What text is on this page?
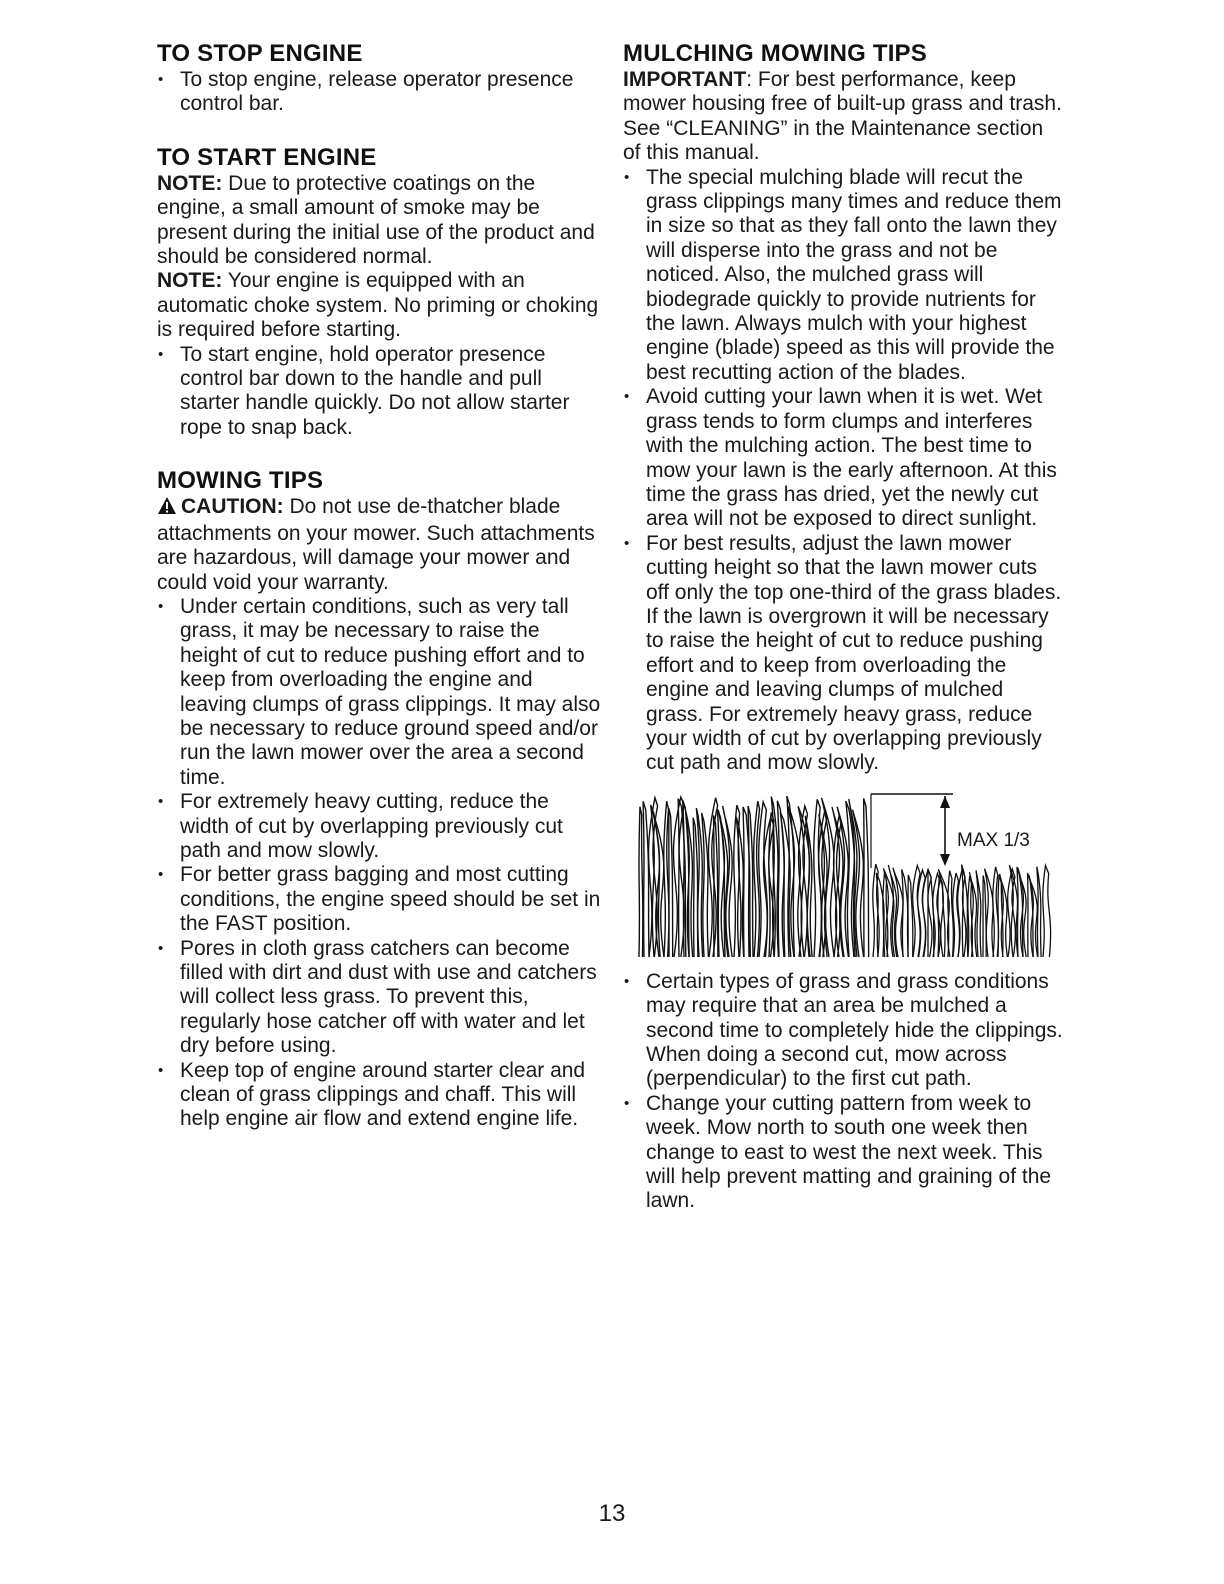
TO STOP ENGINE
• To stop engine, release operator presence control bar.
TO START ENGINE

NOTE: Due to protective coatings on the engine, a small amount of smoke may be present during the initial use of the product and should be considered normal.

NOTE: Your engine is equipped with an automatic choke system. No priming or choking is required before starting.

• To start engine, hold operator presence control bar down to the handle and pull starter handle quickly. Do not allow starter rope to snap back.
MOWING TIPS

CAUTION: Do not use de-thatcher blade attachments on your mower. Such attachments are hazardous, will damage your mower and could void your warranty.

• Under certain conditions, such as very tall grass, it may be necessary to raise the height of cut to reduce pushing effort and to keep from overloading the engine and leaving clumps of grass clippings. It may also be necessary to reduce ground speed and/or run the lawn mower over the area a second time.
• For extremely heavy cutting, reduce the width of cut by overlapping previously cut path and mow slowly.
• For better grass bagging and most cutting conditions, the engine speed should be set in the FAST position.
• Pores in cloth grass catchers can become filled with dirt and dust with use and catchers will collect less grass. To prevent this, regularly hose catcher off with water and let dry before using.
• Keep top of engine around starter clear and clean of grass clippings and chaff. This will help engine air flow and extend engine life.
MULCHING MOWING TIPS

IMPORTANT: For best performance, keep mower housing free of built-up grass and trash. See “CLEANING” in the Maintenance section of this manual.

• The special mulching blade will recut the grass clippings many times and reduce them in size so that as they fall onto the lawn they will disperse into the grass and not be noticed. Also, the mulched grass will biodegrade quickly to provide nutrients for the lawn. Always mulch with your highest engine (blade) speed as this will provide the best recutting action of the blades.
• Avoid cutting your lawn when it is wet. Wet grass tends to form clumps and interferes with the mulching action. The best time to mow your lawn is the early afternoon. At this time the grass has dried, yet the newly cut area will not be exposed to direct sunlight.
• For best results, adjust the lawn mower cutting height so that the lawn mower cuts off only the top one-third of the grass blades. If the lawn is overgrown it will be necessary to raise the height of cut to reduce pushing effort and to keep from overloading the engine and leaving clumps of mulched grass. For extremely heavy grass, reduce your width of cut by overlapping previously cut path and mow slowly.
MAX 1/3
• Certain types of grass and grass conditions may require that an area be mulched a second time to completely hide the clippings. When doing a second cut, mow across (perpendicular) to the first cut path.
• Change your cutting pattern from week to week. Mow north to south one week then change to east to west the next week. This will help prevent matting and graining of the lawn.
13
